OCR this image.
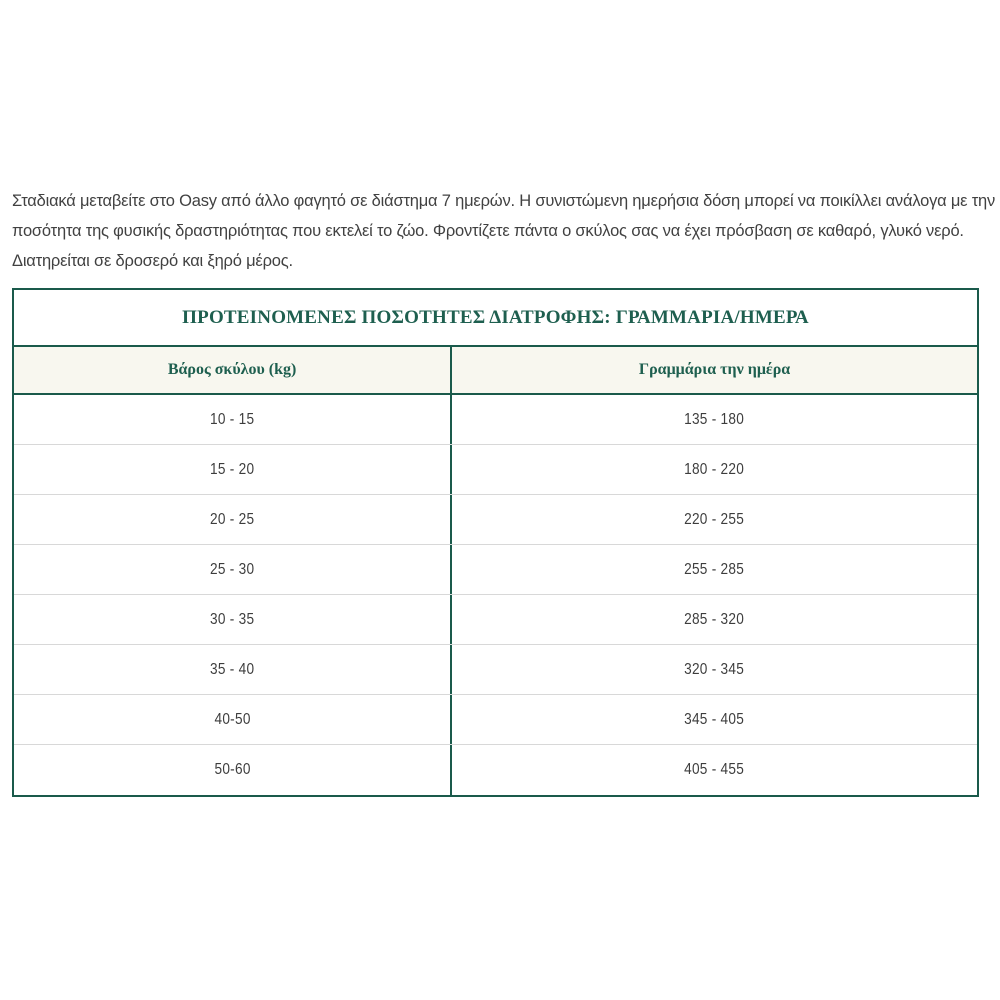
Σταδιακά μεταβείτε στο Oasy από άλλο φαγητό σε διάστημα 7 ημερών. Η συνιστώμενη ημερήσια δόση μπορεί να ποικίλλει ανάλογα με την
ποσότητα της φυσικής δραστηριότητας που εκτελεί το ζώο. Φροντίζετε πάντα ο σκύλος σας να έχει πρόσβαση σε καθαρό, γλυκό νερό.
Διατηρείται σε δροσερό και ξηρό μέρος.
ΠΡΟΤΕΙΝΟΜΕΝΕΣ ΠΟΣΟΤΗΤΕΣ ΔΙΑΤΡΟΦΗΣ: ΓΡΑΜΜΑΡΙΑ/ΗΜΕΡΑ
Βάρος σκύλου (kg)	Γραμμάρια την ημέρα
10 - 15	135 - 180
15 - 20	180 - 220
20 - 25	220 - 255
25 - 30	255 - 285
30 - 35	285 - 320
35 - 40	320 - 345
40-50	345 - 405
50-60	405 - 455
